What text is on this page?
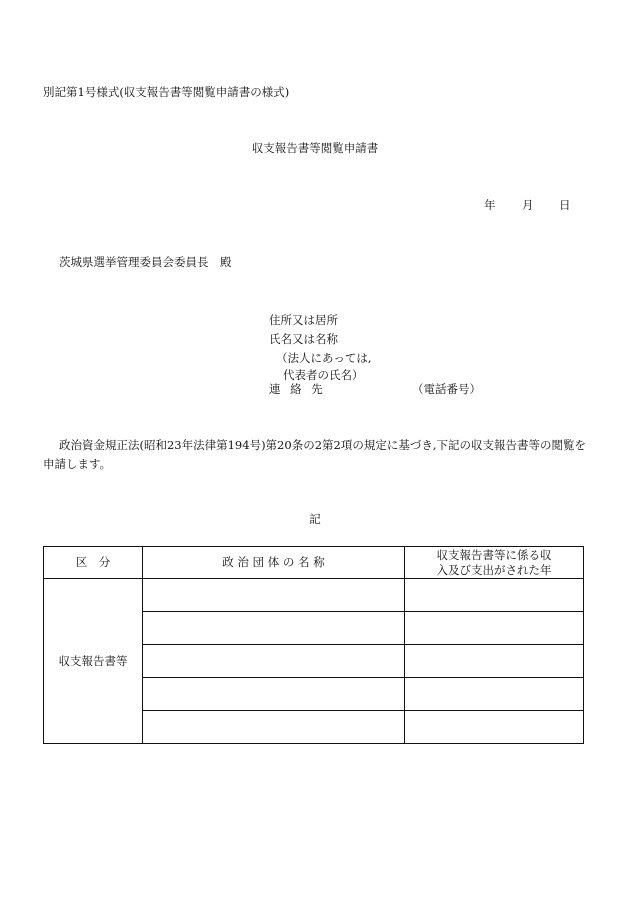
別記第1号様式(収支報告書等閲覧申請書の様式)
収支報告書等閲覧申請書
年 月 日
茨城県選挙管理委員会委員長　殿
住所又は居所
氏名又は名称
（法人にあっては,
代表者の氏名）
連 絡 先	（電話番号）
政治資金規正法(昭和23年法律第194号)第20条の2第2項の規定に基づき,下記の収支報告書等の閲覧を申請します。
記
区　分	政 治 団 体 の 名 称	収支報告書等に係る収
入及び支出がされた年

収支報告書等		
